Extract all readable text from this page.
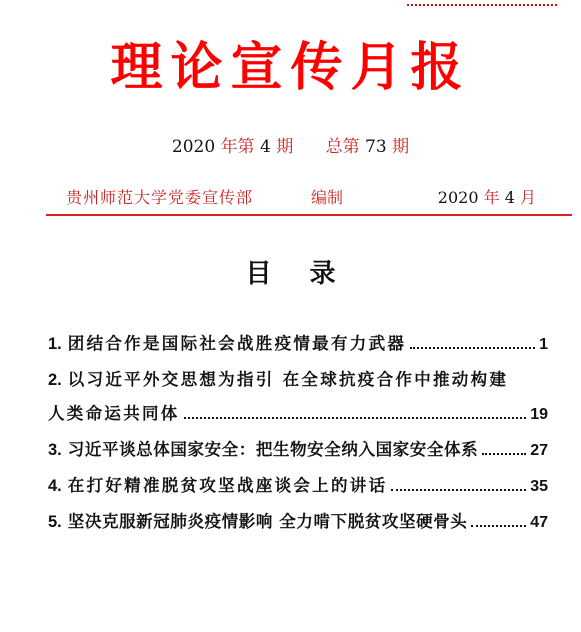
理论宣传月报
2020 年第 4 期 总第 73 期
贵州师范大学党委宣传部	编制	2020 年 4 月
目录
1. 团结合作是国际社会战胜疫情最有力武器	1
2. 以习近平外交思想为指引 在全球抗疫合作中推动构建
人类命运共同体	19
3. 习近平谈总体国家安全：把生物安全纳入国家安全体系	27
4. 在打好精准脱贫攻坚战座谈会上的讲话	35
5. 坚决克服新冠肺炎疫情影响 全力啃下脱贫攻坚硬骨头	47
